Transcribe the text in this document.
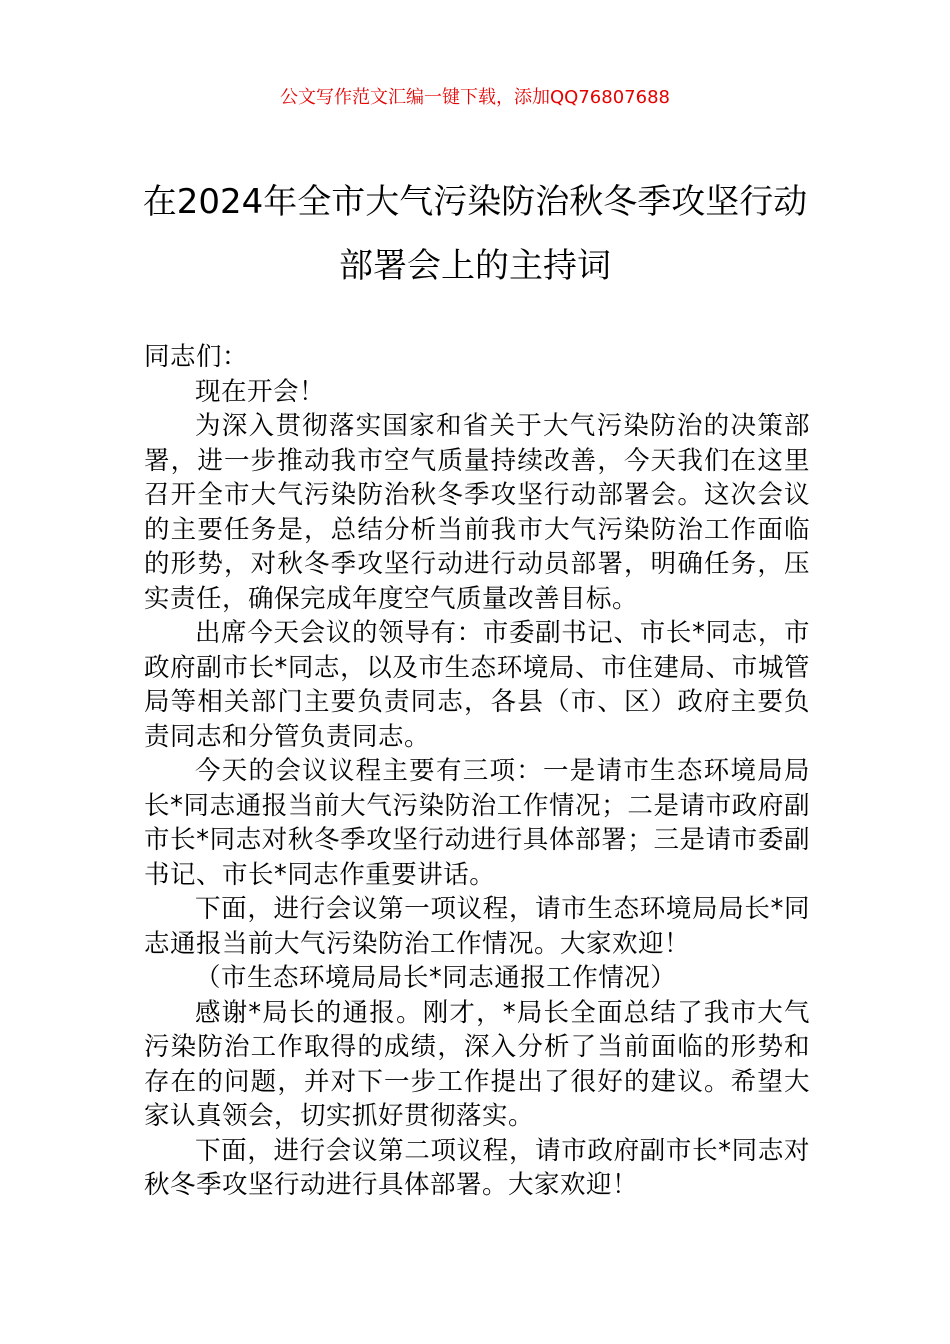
公文写作范文汇编一键下载，添加QQ76807688
在2024年全市大气污染防治秋冬季攻坚行动部署会上的主持词

同志们：

现在开会！

为深入贯彻落实国家和省关于大气污染防治的决策部署，进一步推动我市空气质量持续改善，今天我们在这里召开全市大气污染防治秋冬季攻坚行动部署会。这次会议的主要任务是，总结分析当前我市大气污染防治工作面临的形势，对秋冬季攻坚行动进行动员部署，明确任务，压实责任，确保完成年度空气质量改善目标。

出席今天会议的领导有：市委副书记、市长*同志，市政府副市长*同志，以及市生态环境局、市住建局、市城管局等相关部门主要负责同志，各县（市、区）政府主要负责同志和分管负责同志。

今天的会议议程主要有三项：一是请市生态环境局局长*同志通报当前大气污染防治工作情况；二是请市政府副市长*同志对秋冬季攻坚行动进行具体部署；三是请市委副书记、市长*同志作重要讲话。

下面，进行会议第一项议程，请市生态环境局局长*同志通报当前大气污染防治工作情况。大家欢迎！

（市生态环境局局长*同志通报工作情况）

感谢*局长的通报。刚才，*局长全面总结了我市大气污染防治工作取得的成绩，深入分析了当前面临的形势和存在的问题，并对下一步工作提出了很好的建议。希望大家认真领会，切实抓好贯彻落实。

下面，进行会议第二项议程，请市政府副市长*同志对秋冬季攻坚行动进行具体部署。大家欢迎！
